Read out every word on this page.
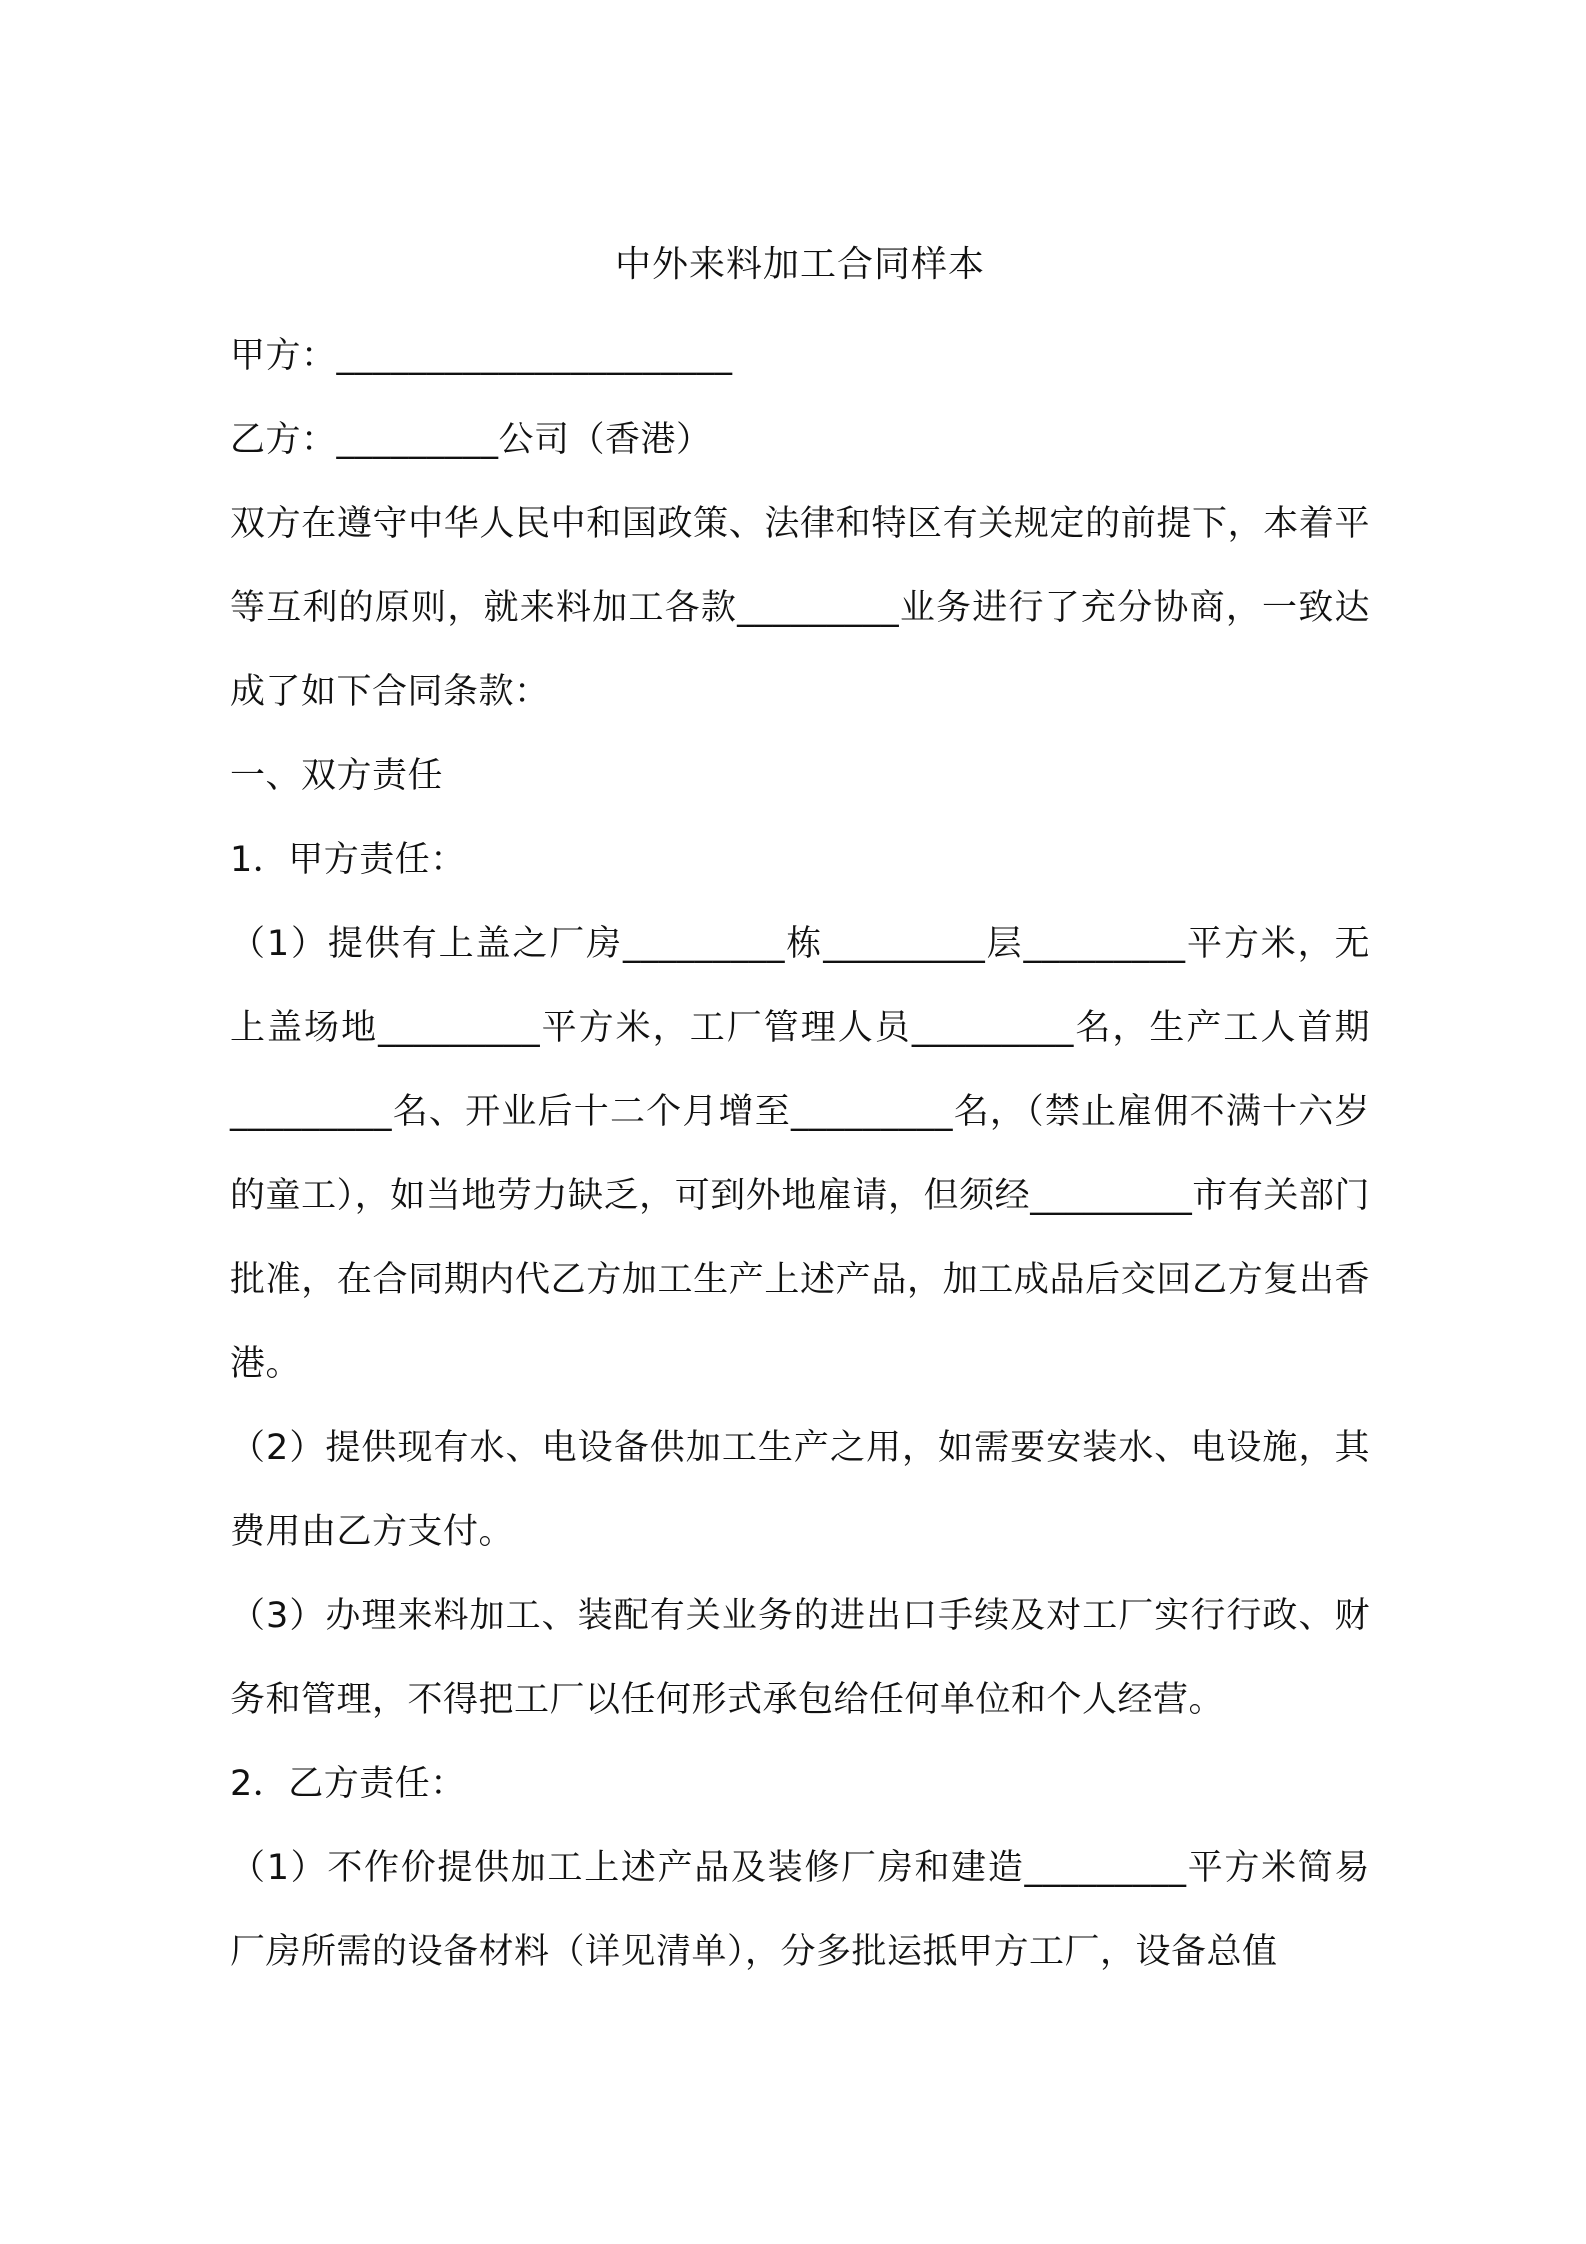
中外来料加工合同样本

甲方：______________________

乙方：_________公司（香港）

双方在遵守中华人民中和国政策、法律和特区有关规定的前提下，本着平等互利的原则，就来料加工各款_________业务进行了充分协商，一致达成了如下合同条款：

一、双方责任

1．甲方责任：

（1）提供有上盖之厂房_________栋_________层_________平方米，无上盖场地_________平方米，工厂管理人员_________名，生产工人首期_________名、开业后十二个月增至_________名，（禁止雇佣不满十六岁的童工），如当地劳力缺乏，可到外地雇请，但须经_________市有关部门批准，在合同期内代乙方加工生产上述产品，加工成品后交回乙方复出香港。

（2）提供现有水、电设备供加工生产之用，如需要安装水、电设施，其费用由乙方支付。

（3）办理来料加工、装配有关业务的进出口手续及对工厂实行行政、财务和管理，不得把工厂以任何形式承包给任何单位和个人经营。

2．乙方责任：

（1）不作价提供加工上述产品及装修厂房和建造_________平方米简易厂房所需的设备材料（详见清单），分多批运抵甲方工厂，设备总值
